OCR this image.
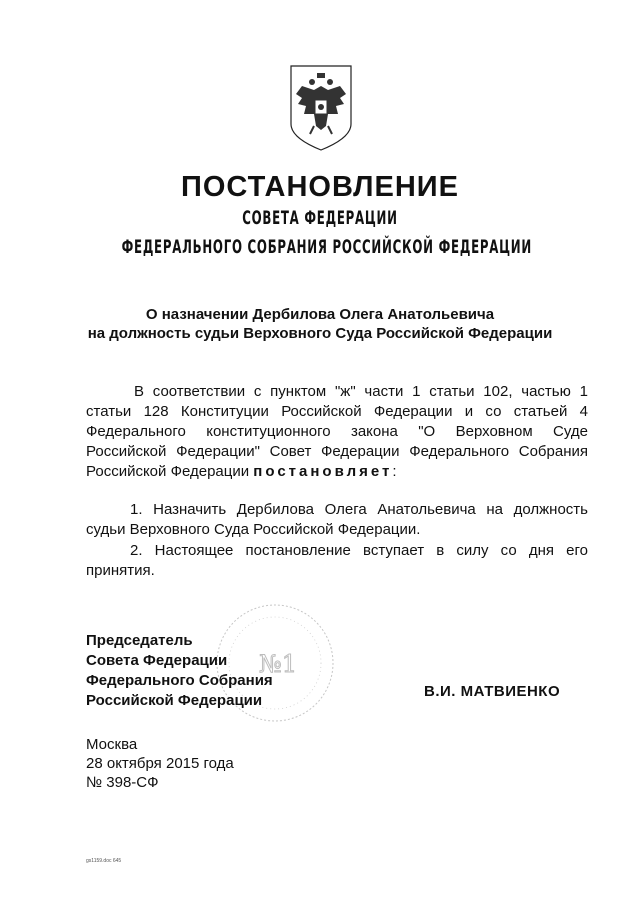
ПОСТАНОВЛЕНИЕ
СОВЕТА ФЕДЕРАЦИИ
ФЕДЕРАЛЬНОГО СОБРАНИЯ РОССИЙСКОЙ ФЕДЕРАЦИИ
О назначении Дербилова Олега Анатольевича
на должность судьи Верховного Суда Российской Федерации

В соответствии с пунктом "ж" части 1 статьи 102, частью 1 статьи 128 Конституции Российской Федерации и со статьей 4 Федерального конституционного закона "О Верховном Суде Российской Федерации" Совет Федерации Федерального Собрания Российской Федерации постановляет:

1. Назначить Дербилова Олега Анатольевича на должность судьи Верховного Суда Российской Федерации.

2. Настоящее постановление вступает в силу со дня его принятия.

№1
Председатель
Совета Федерации
Федерального Собрания
Российской Федерации
В.И. МАТВИЕНКО
Москва
28 октября 2015 года
№ 398-СФ
gs1159.doc 645
